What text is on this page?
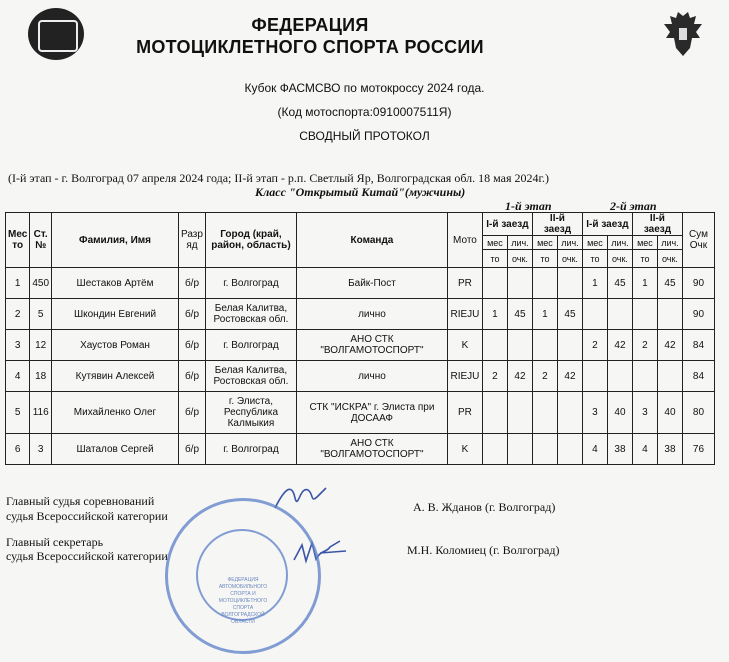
ФЕДЕРАЦИЯ
МОТОЦИКЛЕТНОГО СПОРТА РОССИИ
Кубок ФАСМСВО по мотокроссу 2024 года.
(Код мотоспорта:0910007511Я)
СВОДНЫЙ ПРОТОКОЛ
(I-й этап - г. Волгоград 07 апреля 2024 года; II-й этап - р.п. Светлый Яр, Волгоградская обл. 18 мая 2024г.)
Класс "Открытый Китай"(мужчины)
1-й этап	2-й этап
Мес то	Ст. №	Фамилия, Имя	Разр яд	Город (край, район, область)	Команда	Мото	I-й заезд		II-й заезд		I-й заезд		II-й заезд		Сум Очк
							мес	лич.	мес	лич.	мес	лич.	мес	лич.	
							то	очк.	то	очк.	то	очк.	то	очк.	
1	450	Шестаков Артём	б/р	г. Волгоград	Байк-Пост	PR					1	45	1	45	90
2	5	Шкондин Евгений	б/р	Белая Калитва, Ростовская обл.	лично	RIEJU	1	45	1	45					90
3	12	Хаустов Роман	б/р	г. Волгоград	АНО СТК "ВОЛГАМОТОСПОРТ"	K					2	42	2	42	84
4	18	Кутявин Алексей	б/р	Белая Калитва, Ростовская обл.	лично	RIEJU	2	42	2	42					84
5	116	Михайленко Олег	б/р	г. Элиста, Республика Калмыкия	СТК "ИСКРА" г. Элиста при ДОСААФ	PR					3	40	3	40	80
6	3	Шаталов Сергей	б/р	г. Волгоград	АНО СТК "ВОЛГАМОТОСПОРТ"	K					4	38	4	38	76
Главный судья соревнований
судья Всероссийской категории
А. В. Жданов (г. Волгоград)
Главный секретарь
судья Всероссийской категории	М.Н. Коломиец (г. Волгоград)
ФЕДЕРАЦИЯ АВТОМОБИЛЬНОГО СПОРТА И МОТОЦИКЛЕТНОГО СПОРТА ВОЛГОГРАДСКОЙ ОБЛАСТИ
